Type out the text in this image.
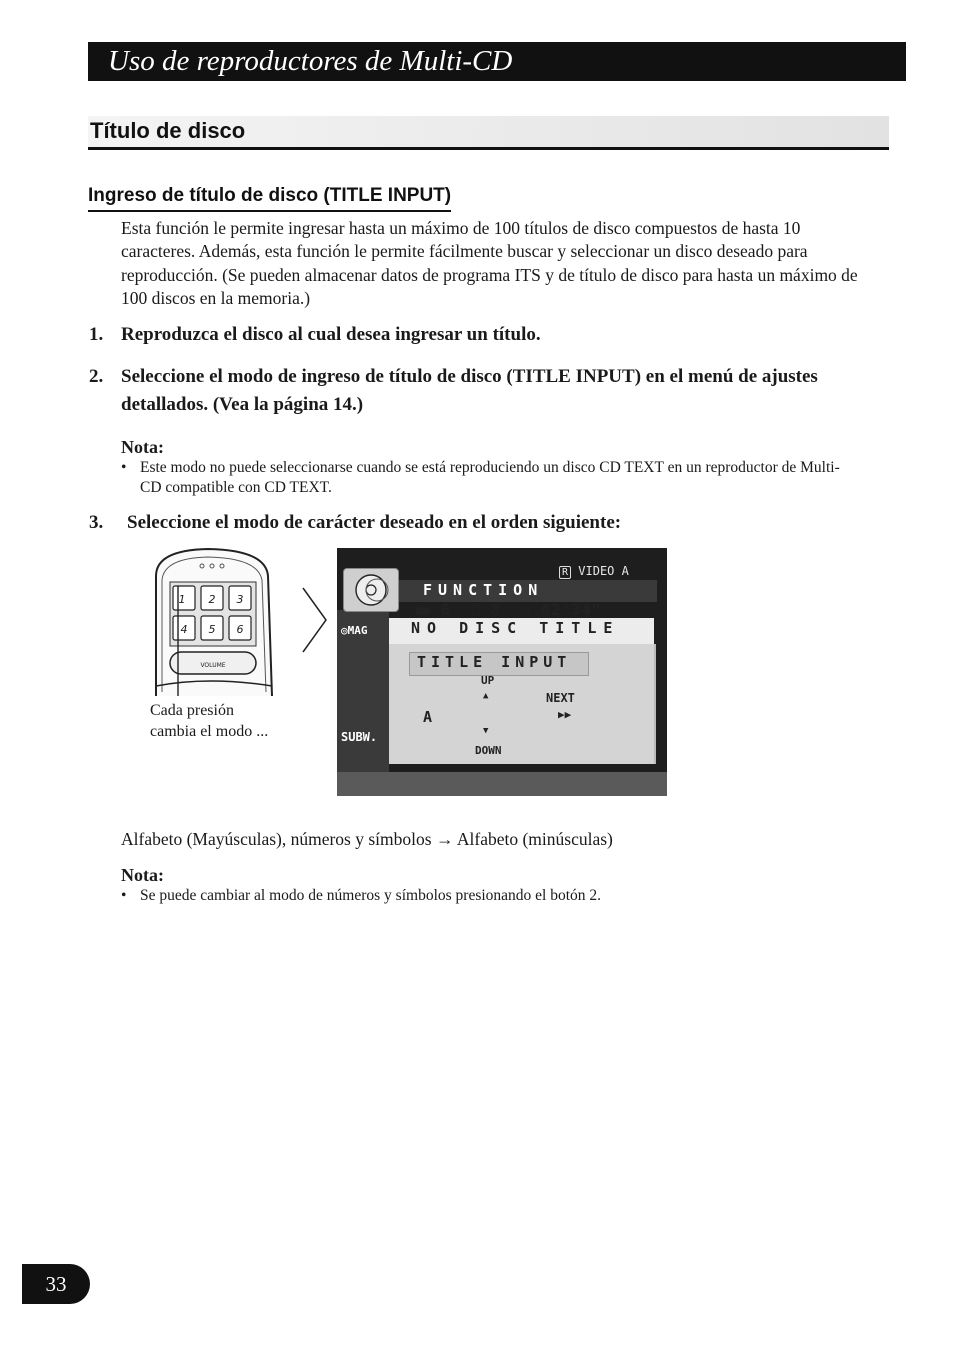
Uso de reproductores de Multi-CD
Título de disco
Ingreso de título de disco (TITLE INPUT)
Esta función le permite ingresar hasta un máximo de 100 títulos de disco compuestos de hasta 10 caracteres. Además, esta función le permite fácilmente buscar y seleccionar un disco deseado para reproducción. (Se pueden almacenar datos de programa ITS y de título de disco para hasta un máximo de 100 discos en la memoria.)
1. Reproduzca el disco al cual desea ingresar un título.
2. Seleccione el modo de ingreso de título de disco (TITLE INPUT) en el menú de ajustes detallados. (Vea la página 14.)
Nota:
• Este modo no puede seleccionarse cuando se está reproduciendo un disco CD TEXT en un reproductor de Multi-CD compatible con CD TEXT.
3.	Seleccione el modo de carácter deseado en el orden siguiente:
1 2 3
4 5 6
VOLUME
Cada presión
cambia el modo ...
R VIDEO A
FUNCTION
6 ♫ 8 ◷ 02'34"
◎MAG	NO DISC TITLE
TITLE INPUT
UP
▲	NEXT
A	▶▶
▼
DOWN
SUBW.
Alfabeto (Mayúsculas), números y símbolos → Alfabeto (minúsculas)
Nota:
• Se puede cambiar al modo de números y símbolos presionando el botón 2.
33
